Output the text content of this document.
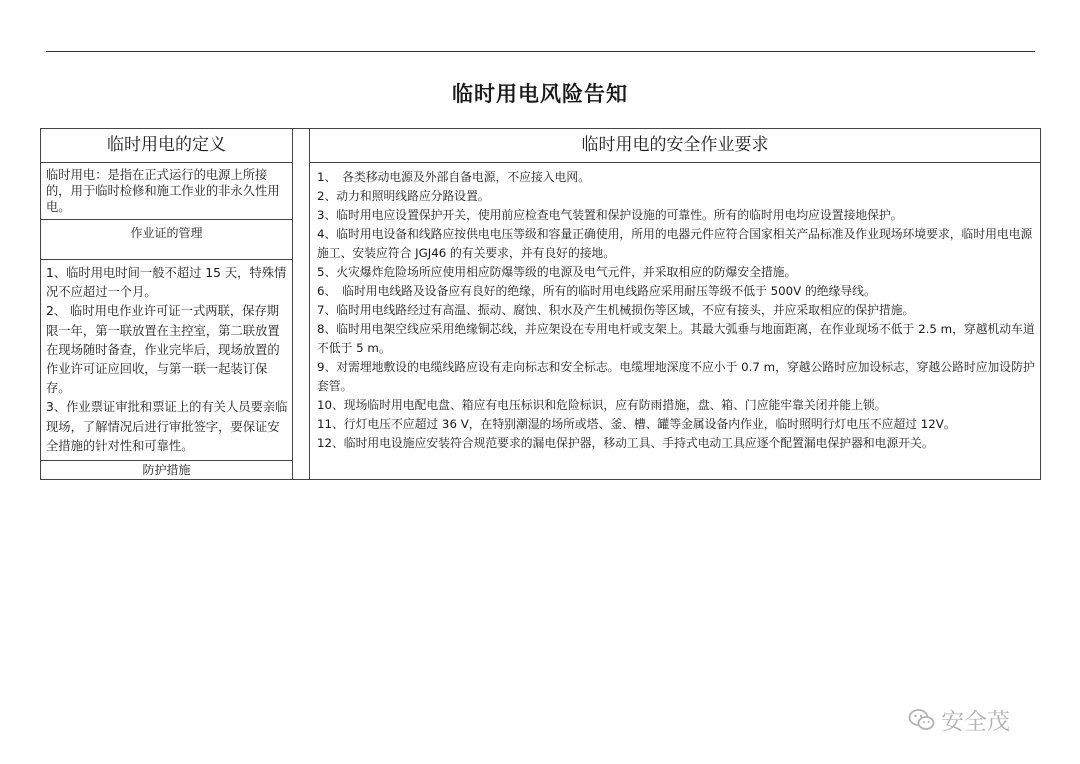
临时用电风险告知
临时用电的定义
临时用电：是指在正式运行的电源上所接的，用于临时检修和施工作业的非永久性用电。
作业证的管理

1、临时用电时间一般不超过 15 天，特殊情况不应超过一个月。

2、 临时用电作业许可证一式两联，保存期限一年，第一联放置在主控室，第二联放置在现场随时备查，作业完毕后，现场放置的作业许可证应回收，与第一联一起装订保存。

3、作业票证审批和票证上的有关人员要亲临现场，了解情况后进行审批签字，要保证安全措施的针对性和可靠性。

防护措施
临时用电的安全作业要求

1、　各类移动电源及外部自备电源，不应接入电网。

2、动力和照明线路应分路设置。

3、临时用电应设置保护开关，使用前应检查电气装置和保护设施的可靠性。所有的临时用电均应设置接地保护。

4、临时用电设备和线路应按供电电压等级和容量正确使用，所用的电器元件应符合国家相关产品标准及作业现场环境要求，临时用电电源施工、安装应符合 JGJ46 的有关要求，并有良好的接地。

5、火灾爆炸危险场所应使用相应防爆等级的电源及电气元件，并采取相应的防爆安全措施。

6、　临时用电线路及设备应有良好的绝缘，所有的临时用电线路应采用耐压等级不低于 500V 的绝缘导线。

7、临时用电线路经过有高温、振动、腐蚀、积水及产生机械损伤等区域，不应有接头，并应采取相应的保护措施。

8、临时用电架空线应采用绝缘铜芯线，并应架设在专用电杆或支架上。其最大弧垂与地面距离，在作业现场不低于 2.5 m，穿越机动车道不低于 5 m。

9、对需埋地敷设的电缆线路应设有走向标志和安全标志。电缆埋地深度不应小于 0.7 m，穿越公路时应加设标志，穿越公路时应加设防护套管。

10、现场临时用电配电盘、箱应有电压标识和危险标识，应有防雨措施，盘、箱、门应能牢靠关闭并能上锁。

11、行灯电压不应超过 36 V，在特别潮湿的场所或塔、釜、槽、罐等金属设备内作业，临时照明行灯电压不应超过 12V。

12、临时用电设施应安装符合规范要求的漏电保护器，移动工具、手持式电动工具应逐个配置漏电保护器和电源开关。

安全茂
